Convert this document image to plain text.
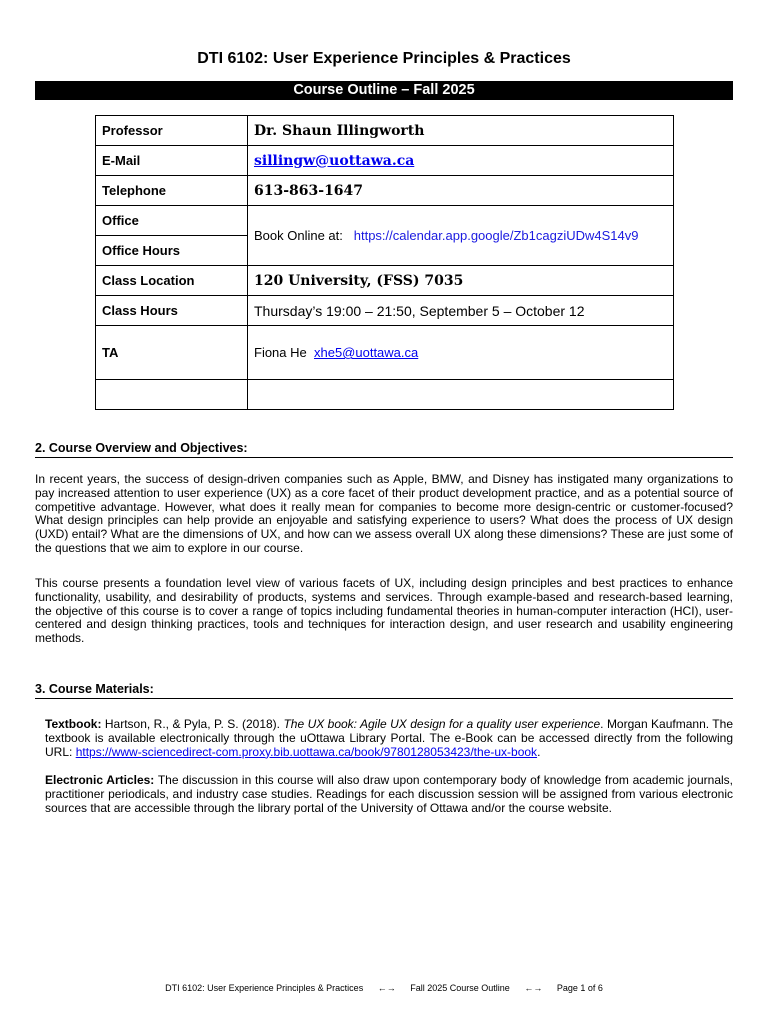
DTI 6102: User Experience Principles & Practices
Course Outline – Fall 2025
Professor	Dr. Shaun Illingworth
E-Mail	sillingw@uottawa.ca
Telephone	613-863-1647
Office	Book Online at: https://calendar.app.google/Zb1cagziUDw4S14v9
Office Hours	
Class Location	120 University, (FSS) 7035
Class Hours	Thursday’s 19:00 – 21:50, September 5 – October 12
TA	Fiona He xhe5@uottawa.ca

2. Course Overview and Objectives:
In recent years, the success of design-driven companies such as Apple, BMW, and Disney has instigated many organizations to pay increased attention to user experience (UX) as a core facet of their product development practice, and as a potential source of competitive advantage. However, what does it really mean for companies to become more design-centric or customer-focused? What design principles can help provide an enjoyable and satisfying experience to users? What does the process of UX design (UXD) entail? What are the dimensions of UX, and how can we assess overall UX along these dimensions? These are just some of the questions that we aim to explore in our course.
This course presents a foundation level view of various facets of UX, including design principles and best practices to enhance functionality, usability, and desirability of products, systems and services. Through example-based and research-based learning, the objective of this course is to cover a range of topics including fundamental theories in human-computer interaction (HCI), user-centered and design thinking practices, tools and techniques for interaction design, and user research and usability engineering methods.
3. Course Materials:
Textbook: Hartson, R., & Pyla, P. S. (2018). The UX book: Agile UX design for a quality user experience. Morgan Kaufmann. The textbook is available electronically through the uOttawa Library Portal. The e-Book can be accessed directly from the following URL: https://www-sciencedirect-com.proxy.bib.uottawa.ca/book/9780128053423/the-ux-book.
Electronic Articles: The discussion in this course will also draw upon contemporary body of knowledge from academic journals, practitioner periodicals, and industry case studies. Readings for each discussion session will be assigned from various electronic sources that are accessible through the library portal of the University of Ottawa and/or the course website.
DTI 6102: User Experience Principles & Practices ←→ Fall 2025 Course Outline ←→ Page 1 of 6
